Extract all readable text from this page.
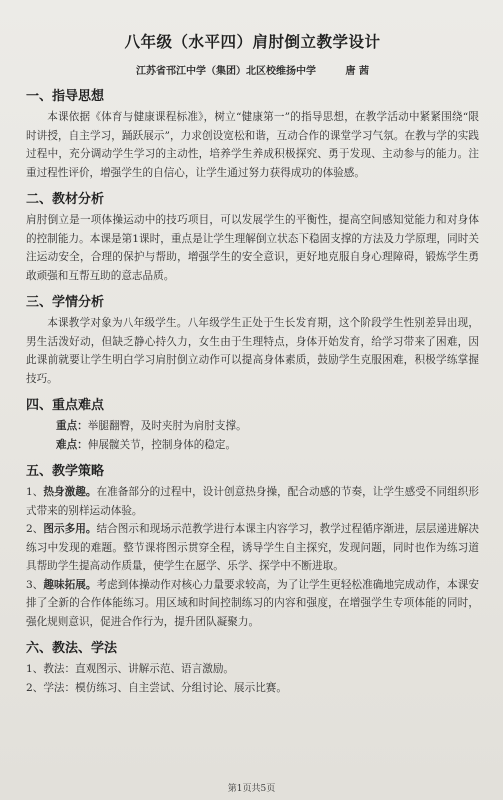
八年级（水平四）肩肘倒立教学设计
江苏省邗江中学（集团）北区校维扬中学	唐 茜
一、指导思想

本课依据《体育与健康课程标准》，树立“健康第一”的指导思想，在教学活动中紧紧围绕“限时讲授，自主学习，踊跃展示”，力求创设宽松和谐，互动合作的课堂学习气氛。在教与学的实践过程中，充分调动学生学习的主动性，培养学生养成积极探究、勇于发现、主动参与的能力。注重过程性评价，增强学生的自信心，让学生通过努力获得成功的体验感。

二、教材分析

肩肘倒立是一项体操运动中的技巧项目，可以发展学生的平衡性，提高空间感知觉能力和对身体的控制能力。本课是第1课时，重点是让学生理解倒立状态下稳固支撑的方法及力学原理，同时关注运动安全，合理的保护与帮助，增强学生的安全意识，更好地克服自身心理障碍，锻炼学生勇敢顽强和互帮互助的意志品质。

三、学情分析

本课教学对象为八年级学生。八年级学生正处于生长发育期，这个阶段学生性别差异出现，男生活泼好动，但缺乏静心持久力，女生由于生理特点，身体开始发育，给学习带来了困难，因此课前就要让学生明白学习肩肘倒立动作可以提高身体素质，鼓励学生克服困难，积极学练掌握技巧。

四、重点难点
重点：举腿翻臀，及时夹肘为肩肘支撑。
难点：伸展髋关节，控制身体的稳定。
五、教学策略

1、热身激趣。在准备部分的过程中，设计创意热身操，配合动感的节奏，让学生感受不同组织形式带来的别样运动体验。

2、图示多用。结合图示和现场示范教学进行本课主内容学习，教学过程循序渐进，层层递进解决练习中发现的难题。整节课将图示贯穿全程，诱导学生自主探究，发现问题，同时也作为练习道具帮助学生提高动作质量，使学生在愿学、乐学、探学中不断进取。

3、趣味拓展。考虑到体操动作对核心力量要求较高，为了让学生更轻松准确地完成动作，本课安排了全新的合作体能练习。用区域和时间控制练习的内容和强度，在增强学生专项体能的同时，强化规则意识，促进合作行为，提升团队凝聚力。

六、教法、学法
1、教法：直观图示、讲解示范、语言激励。
2、学法：模仿练习、自主尝试、分组讨论、展示比赛。
第1页共5页
